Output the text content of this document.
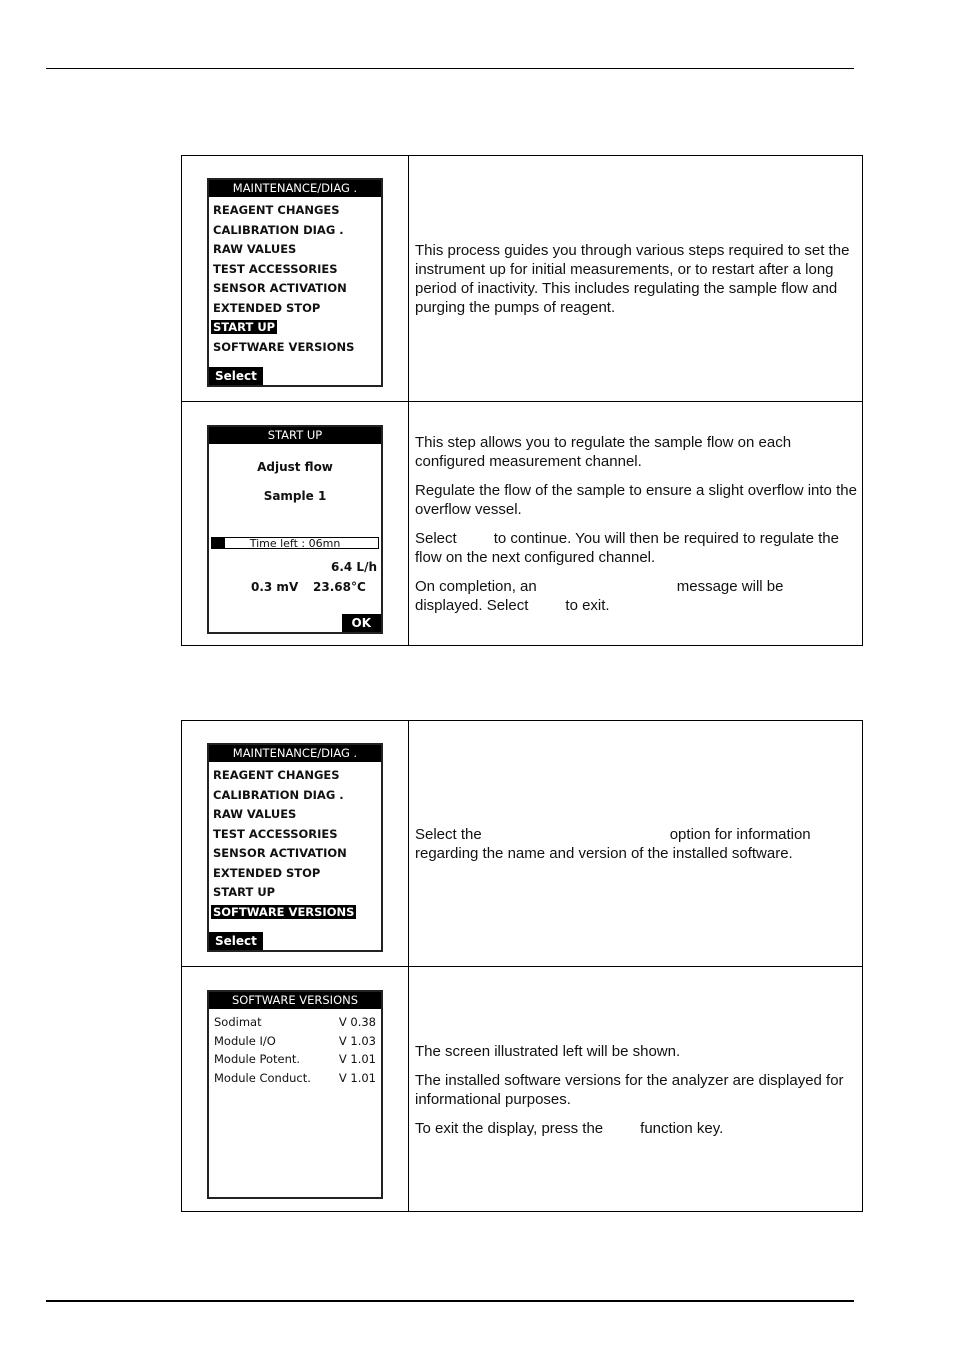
MAINTENANCE/DIAG .
REAGENT CHANGES
CALIBRATION DIAG .
RAW VALUES
TEST ACCESSORIES
SENSOR ACTIVATION
EXTENDED STOP
START UP
SOFTWARE VERSIONS
Select

This process guides you through various steps required to set the instrument up for initial measurements, or to restart after a long period of inactivity. This includes regulating the sample flow and purging the pumps of reagent.

START UP
Adjust flow
Sample 1
Time left : 06mn
6.4 L/h
0.3 mV 23.68°C
OK

This step allows you to regulate the sample flow on each configured measurement channel.

Regulate the flow of the sample to ensure a slight overflow into the overflow vessel.

Select to continue. You will then be required to regulate the flow on the next configured channel.

On completion, an	message will be
displayed. Select to exit.

MAINTENANCE/DIAG .
REAGENT CHANGES
CALIBRATION DIAG .
RAW VALUES
TEST ACCESSORIES
SENSOR ACTIVATION
EXTENDED STOP
START UP
SOFTWARE VERSIONS
Select

Select the	option for information regarding the name and version of the installed software.

SOFTWARE VERSIONS
Sodimat	V 0.38
Module I/O	V 1.03
Module Potent.	V 1.01
Module Conduct. V 1.01

The screen illustrated left will be shown.

The installed software versions for the analyzer are displayed for informational purposes.

To exit the display, press the function key.
